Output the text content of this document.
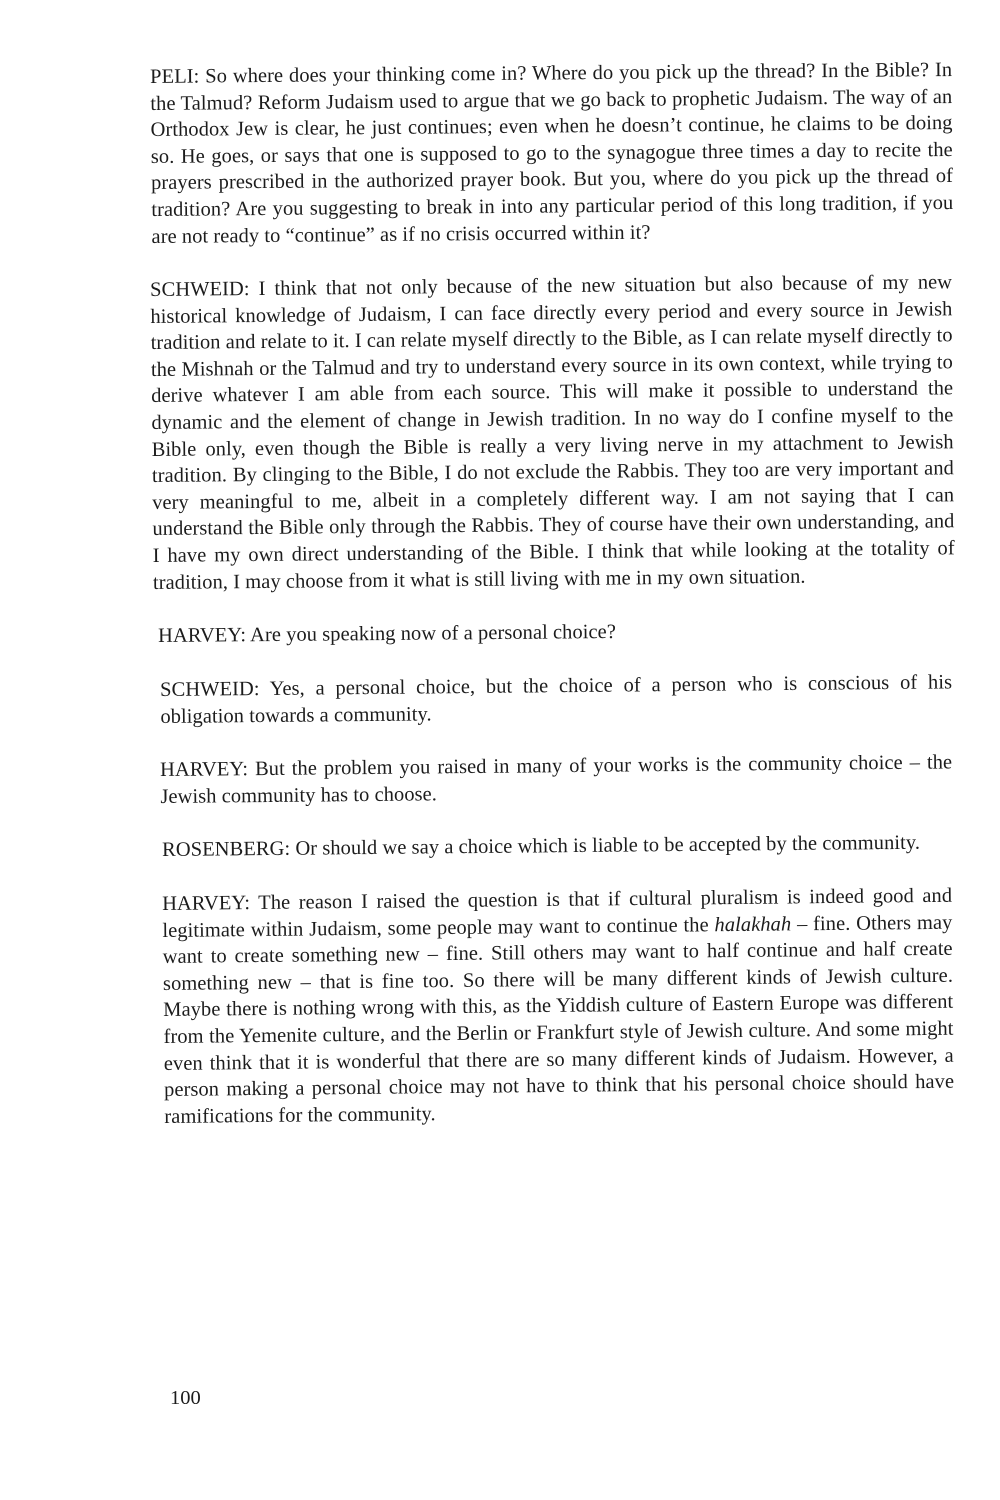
PELI: So where does your thinking come in? Where do you pick up the thread? In the Bible? In the Talmud? Reform Judaism used to argue that we go back to prophetic Judaism. The way of an Orthodox Jew is clear, he just continues; even when he doesn’t continue, he claims to be doing so. He goes, or says that one is supposed to go to the synagogue three times a day to recite the prayers prescribed in the authorized prayer book. But you, where do you pick up the thread of tradition? Are you suggesting to break in into any particular period of this long tradition, if you are not ready to “continue” as if no crisis occurred within it?

SCHWEID: I think that not only because of the new situation but also because of my new historical knowledge of Judaism, I can face directly every period and every source in Jewish tradition and relate to it. I can relate myself directly to the Bible, as I can relate myself directly to the Mishnah or the Talmud and try to understand every source in its own context, while trying to derive whatever I am able from each source. This will make it possible to understand the dynamic and the element of change in Jewish tradition. In no way do I confine myself to the Bible only, even though the Bible is really a very living nerve in my attachment to Jewish tradition. By clinging to the Bible, I do not exclude the Rabbis. They too are very important and very meaningful to me, albeit in a completely different way. I am not saying that I can understand the Bible only through the Rabbis. They of course have their own understanding, and I have my own direct understanding of the Bible. I think that while looking at the totality of tradition, I may choose from it what is still living with me in my own situation.

HARVEY: Are you speaking now of a personal choice?

SCHWEID: Yes, a personal choice, but the choice of a person who is conscious of his obligation towards a community.

HARVEY: But the problem you raised in many of your works is the community choice – the Jewish community has to choose.

ROSENBERG: Or should we say a choice which is liable to be accepted by the community.

HARVEY: The reason I raised the question is that if cultural pluralism is indeed good and legitimate within Judaism, some people may want to continue the halakhah – fine. Others may want to create something new – fine. Still others may want to half continue and half create something new – that is fine too. So there will be many different kinds of Jewish culture. Maybe there is nothing wrong with this, as the Yiddish culture of Eastern Europe was different from the Yemenite culture, and the Berlin or Frankfurt style of Jewish culture. And some might even think that it is wonderful that there are so many different kinds of Judaism. However, a person making a personal choice may not have to think that his personal choice should have ramifications for the community.

100
